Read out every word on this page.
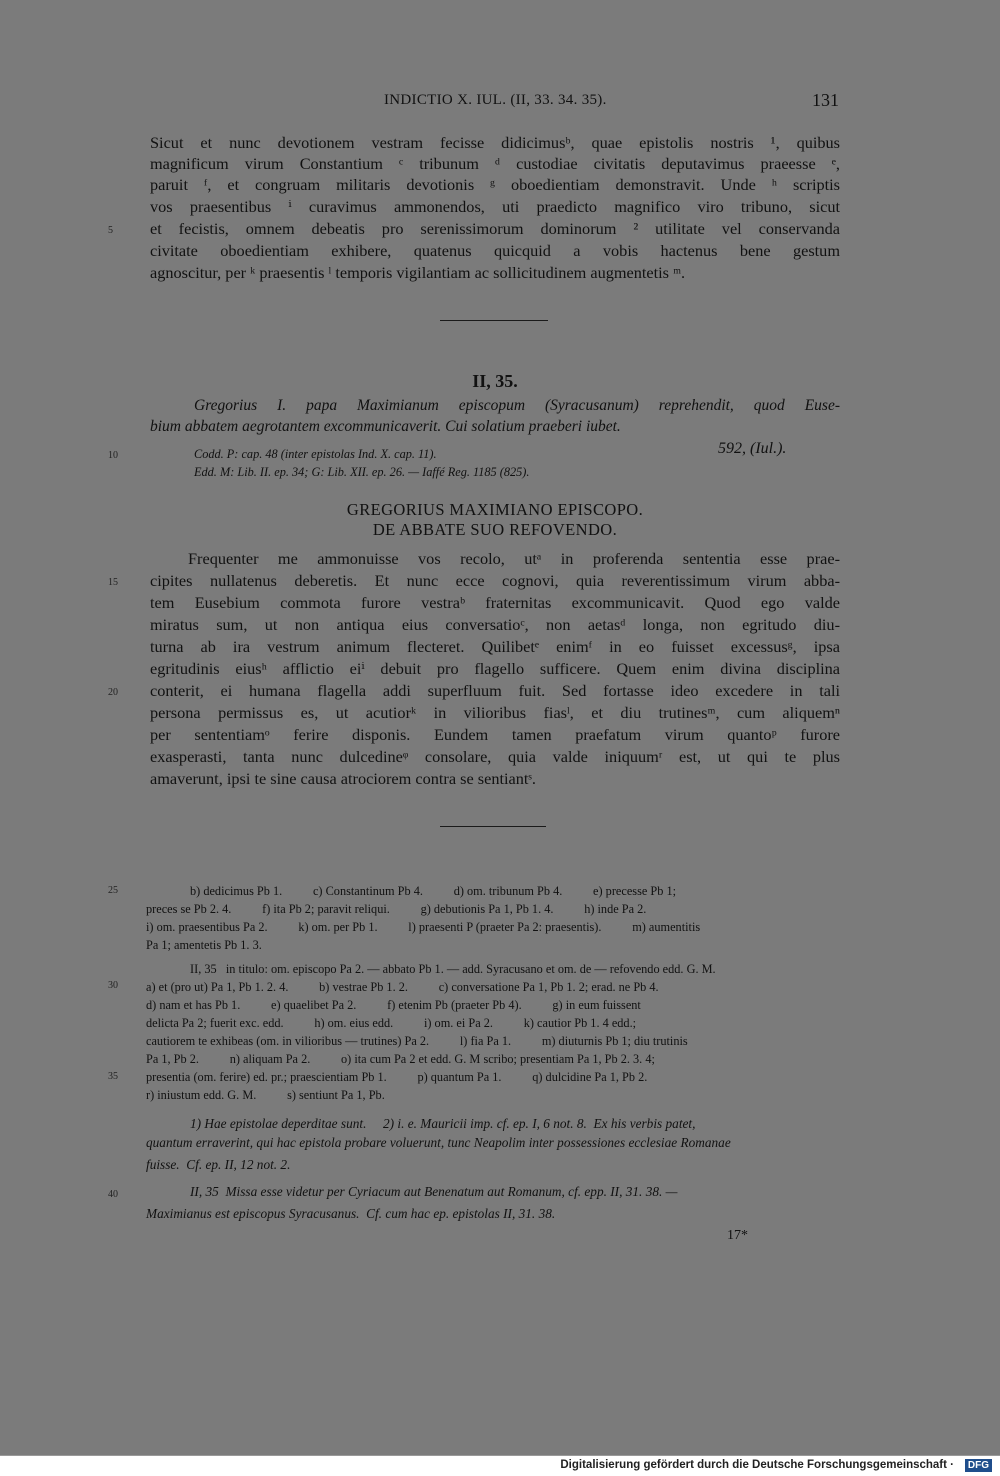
INDICTIO X. IUL. (II, 33. 34. 35).	131
Sicut et nunc devotionem vestram fecisse didicimusᵇ, quae epistolis nostris ¹, quibus
magnificum virum Constantium ᶜ tribunum ᵈ custodiae civitatis deputavimus praeesse ᵉ,
paruit ᶠ, et congruam militaris devotionis ᵍ oboedientiam demonstravit. Unde ʰ scriptis
vos praesentibus ⁱ curavimus ammonendos, uti praedicto magnifico viro tribuno, sicut
et fecistis, omnem debeatis pro serenissimorum dominorum ² utilitate vel conservanda
civitate oboedientiam exhibere, quatenus quicquid a vobis hactenus bene gestum
agnoscitur, per ᵏ praesentis ˡ temporis vigilantiam ac sollicitudinem augmentetis ᵐ.
5
II, 35.
Gregorius I. papa Maximianum episcopum (Syracusanum) reprehendit, quod Euse-
bium abbatem aegrotantem excommunicaverit. Cui solatium praeberi iubet.
Codd. P: cap. 48 (inter epistolas Ind. X. cap. 11).	592, (Iul.).
Edd. M: Lib. II. ep. 34; G: Lib. XII. ep. 26. — Iaffé Reg. 1185 (825).
10
GREGORIUS MAXIMIANO EPISCOPO.
DE ABBATE SUO REFOVENDO.
Frequenter me ammonuisse vos recolo, utᵃ in proferenda sententia esse prae-
cipites nullatenus deberetis. Et nunc ecce cognovi, quia reverentissimum virum abba-
tem Eusebium commota furore vestraᵇ fraternitas excommunicavit. Quod ego valde
miratus sum, ut non antiqua eius conversatioᶜ, non aetasᵈ longa, non egritudo diu-
turna ab ira vestrum animum flecteret. Quilibetᵉ enimᶠ in eo fuisset excessusᵍ, ipsa
egritudinis eiusʰ afflictio eiⁱ debuit pro flagello sufficere. Quem enim divina disciplina
conterit, ei humana flagella addi superfluum fuit. Sed fortasse ideo excedere in tali
persona permissus es, ut acutiorᵏ in vilioribus fiasˡ, et diu trutinesᵐ, cum aliquemⁿ
per sententiamᵒ ferire disponis. Eundem tamen praefatum virum quantoᵖ furore
exasperasti, tanta nunc dulcedineᵠ consolare, quia valde iniquumʳ est, ut qui te plus
amaverunt, ipsi te sine causa atrociorem contra se sentiantˢ.
15
20
b) dedicimus Pb 1.          c) Constantinum Pb 4.          d) om. tribunum Pb 4.          e) precesse Pb 1;
preces se Pb 2. 4.          f) ita Pb 2; paravit reliqui.          g) debutionis Pa 1, Pb 1. 4.          h) inde Pa 2.
i) om. praesentibus Pa 2.          k) om. per Pb 1.          l) praesenti P (praeter Pa 2: praesentis).          m) aumentitis
Pa 1; amentetis Pb 1. 3.
II, 35   in titulo: om. episcopo Pa 2. — abbato Pb 1. — add. Syracusano et om. de — refovendo edd. G. M.
a) et (pro ut) Pa 1, Pb 1. 2. 4.          b) vestrae Pb 1. 2.          c) conversatione Pa 1, Pb 1. 2; erad. ne Pb 4.
d) nam et has Pb 1.          e) quaelibet Pa 2.          f) etenim Pb (praeter Pb 4).          g) in eum fuissent
delicta Pa 2; fuerit exc. edd.          h) om. eius edd.          i) om. ei Pa 2.          k) cautior Pb 1. 4 edd.;
cautiorem te exhibeas (om. in vilioribus — trutines) Pa 2.          l) fia Pa 1.          m) diuturnis Pb 1; diu trutinis
Pa 1, Pb 2.          n) aliquam Pa 2.          o) ita cum Pa 2 et edd. G. M scribo; presentiam Pa 1, Pb 2. 3. 4;
presentia (om. ferire) ed. pr.; praescientiam Pb 1.          p) quantum Pa 1.          q) dulcidine Pa 1, Pb 2.
r) iniustum edd. G. M.          s) sentiunt Pa 1, Pb.
25
30
35
1) Hae epistolae deperditae sunt.     2) i. e. Mauricii imp. cf. ep. I, 6 not. 8.  Ex his verbis patet,
quantum erraverint, qui hac epistola probare voluerunt, tunc Neapolim inter possessiones ecclesiae Romanae
fuisse.  Cf. ep. II, 12 not. 2.
II, 35  Missa esse videtur per Cyriacum aut Benenatum aut Romanum, cf. epp. II, 31. 38. —
Maximianus est episcopus Syracusanus.  Cf. cum hac ep. epistolas II, 31. 38.
40
17*
Digitalisierung gefördert durch die Deutsche Forschungsgemeinschaft ·	DFG
